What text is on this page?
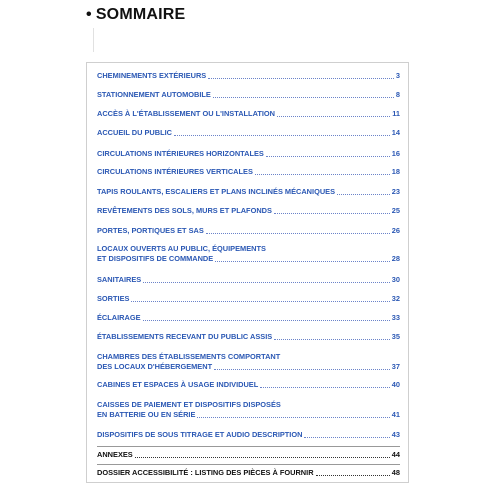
• SOMMAIRE
CHEMINEMENTS EXTÉRIEURS	3
STATIONNEMENT AUTOMOBILE	8
ACCÈS À L'ÉTABLISSEMENT OU L'INSTALLATION	11
ACCUEIL DU PUBLIC	14
CIRCULATIONS INTÉRIEURES HORIZONTALES	16
CIRCULATIONS INTÉRIEURES VERTICALES	18
TAPIS ROULANTS, ESCALIERS ET PLANS INCLINÉS MÉCANIQUES	23
REVÊTEMENTS DES SOLS, MURS ET PLAFONDS	25
PORTES, PORTIQUES ET SAS	26
LOCAUX OUVERTS AU PUBLIC, ÉQUIPEMENTS
ET DISPOSITIFS DE COMMANDE	28
SANITAIRES	30
SORTIES	32
ÉCLAIRAGE	33
ÉTABLISSEMENTS RECEVANT DU PUBLIC ASSIS	35
CHAMBRES DES ÉTABLISSEMENTS COMPORTANT
DES LOCAUX D'HÉBERGEMENT	37
CABINES ET ESPACES À USAGE INDIVIDUEL	40
CAISSES DE PAIEMENT ET DISPOSITIFS DISPOSÉS
EN BATTERIE OU EN SÉRIE	41
DISPOSITIFS DE SOUS TITRAGE ET AUDIO DESCRIPTION	43
ANNEXES	44
DOSSIER ACCESSIBILITÉ : LISTING DES PIÈCES À FOURNIR	48
